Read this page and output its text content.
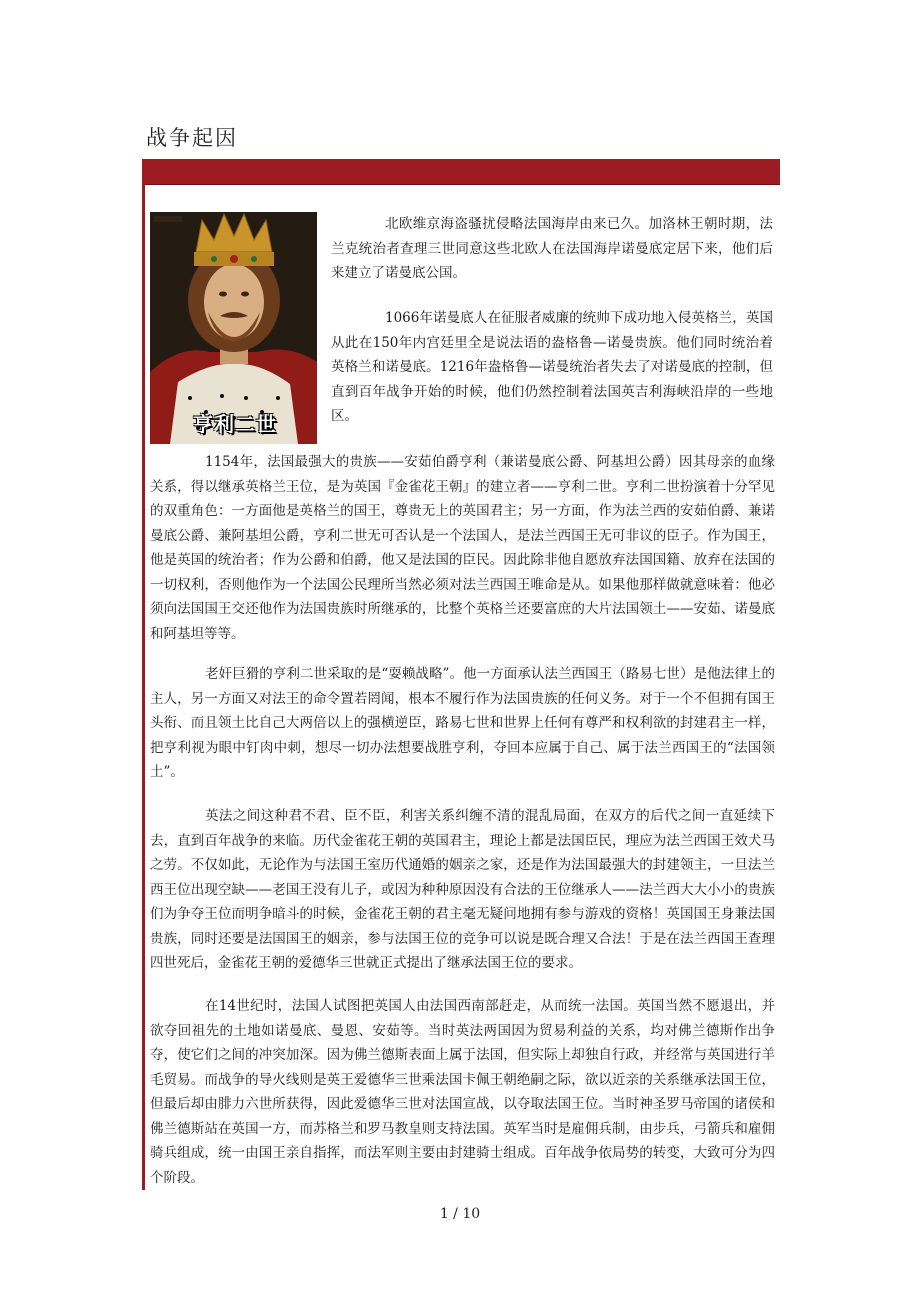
战争起因
亨利二世

北欧维京海盗骚扰侵略法国海岸由来已久。加洛林王朝时期，法兰克统治者查理三世同意这些北欧人在法国海岸诺曼底定居下来，他们后来建立了诺曼底公国。

1066年诺曼底人在征服者威廉的统帅下成功地入侵英格兰，英国从此在150年内宫廷里全是说法语的盎格鲁—诺曼贵族。他们同时统治着英格兰和诺曼底。1216年盎格鲁—诺曼统治者失去了对诺曼底的控制，但直到百年战争开始的时候，他们仍然控制着法国英吉利海峡沿岸的一些地区。

1154年，法国最强大的贵族——安茹伯爵亨利（兼诺曼底公爵、阿基坦公爵）因其母亲的血缘关系，得以继承英格兰王位，是为英国『金雀花王朝』的建立者——亨利二世。亨利二世扮演着十分罕见的双重角色：一方面他是英格兰的国王，尊贵无上的英国君主；另一方面，作为法兰西的安茹伯爵、兼诺曼底公爵、兼阿基坦公爵，亨利二世无可否认是一个法国人，是法兰西国王无可非议的臣子。作为国王，他是英国的统治者；作为公爵和伯爵，他又是法国的臣民。因此除非他自愿放弃法国国籍、放弃在法国的一切权利，否则他作为一个法国公民理所当然必须对法兰西国王唯命是从。如果他那样做就意味着：他必须向法国国王交还他作为法国贵族时所继承的，比整个英格兰还要富庶的大片法国领土——安茹、诺曼底和阿基坦等等。

老奸巨猾的亨利二世采取的是“耍赖战略”。他一方面承认法兰西国王（路易七世）是他法律上的主人，另一方面又对法王的命令置若罔闻，根本不履行作为法国贵族的任何义务。对于一个不但拥有国王头衔、而且领土比自己大两倍以上的强横逆臣，路易七世和世界上任何有尊严和权利欲的封建君主一样，把亨利视为眼中钉肉中刺，想尽一切办法想要战胜亨利，夺回本应属于自己、属于法兰西国王的“法国领土”。

英法之间这种君不君、臣不臣，利害关系纠缠不清的混乱局面，在双方的后代之间一直延续下去，直到百年战争的来临。历代金雀花王朝的英国君主，理论上都是法国臣民，理应为法兰西国王效犬马之劳。不仅如此，无论作为与法国王室历代通婚的姻亲之家，还是作为法国最强大的封建领主，一旦法兰西王位出现空缺——老国王没有儿子，或因为种种原因没有合法的王位继承人——法兰西大大小小的贵族们为争夺王位而明争暗斗的时候，金雀花王朝的君主毫无疑问地拥有参与游戏的资格！英国国王身兼法国贵族，同时还要是法国国王的姻亲，参与法国王位的竞争可以说是既合理又合法！于是在法兰西国王查理四世死后，金雀花王朝的爱德华三世就正式提出了继承法国王位的要求。

在14世纪时，法国人试图把英国人由法国西南部赶走，从而统一法国。英国当然不愿退出，并欲夺回祖先的土地如诺曼底、曼恩、安茹等。当时英法两国因为贸易利益的关系，均对佛兰德斯作出争夺，使它们之间的冲突加深。因为佛兰德斯表面上属于法国，但实际上却独自行政，并经常与英国进行羊毛贸易。而战争的导火线则是英王爱德华三世乘法国卡佩王朝绝嗣之际，欲以近亲的关系继承法国王位，但最后却由腓力六世所获得，因此爱德华三世对法国宣战，以夺取法国王位。当时神圣罗马帝国的诸侯和佛兰德斯站在英国一方，而苏格兰和罗马教皇则支持法国。英军当时是雇佣兵制，由步兵，弓箭兵和雇佣骑兵组成，统一由国王亲自指挥，而法军则主要由封建骑士组成。百年战争依局势的转变，大致可分为四个阶段。

1 / 10
